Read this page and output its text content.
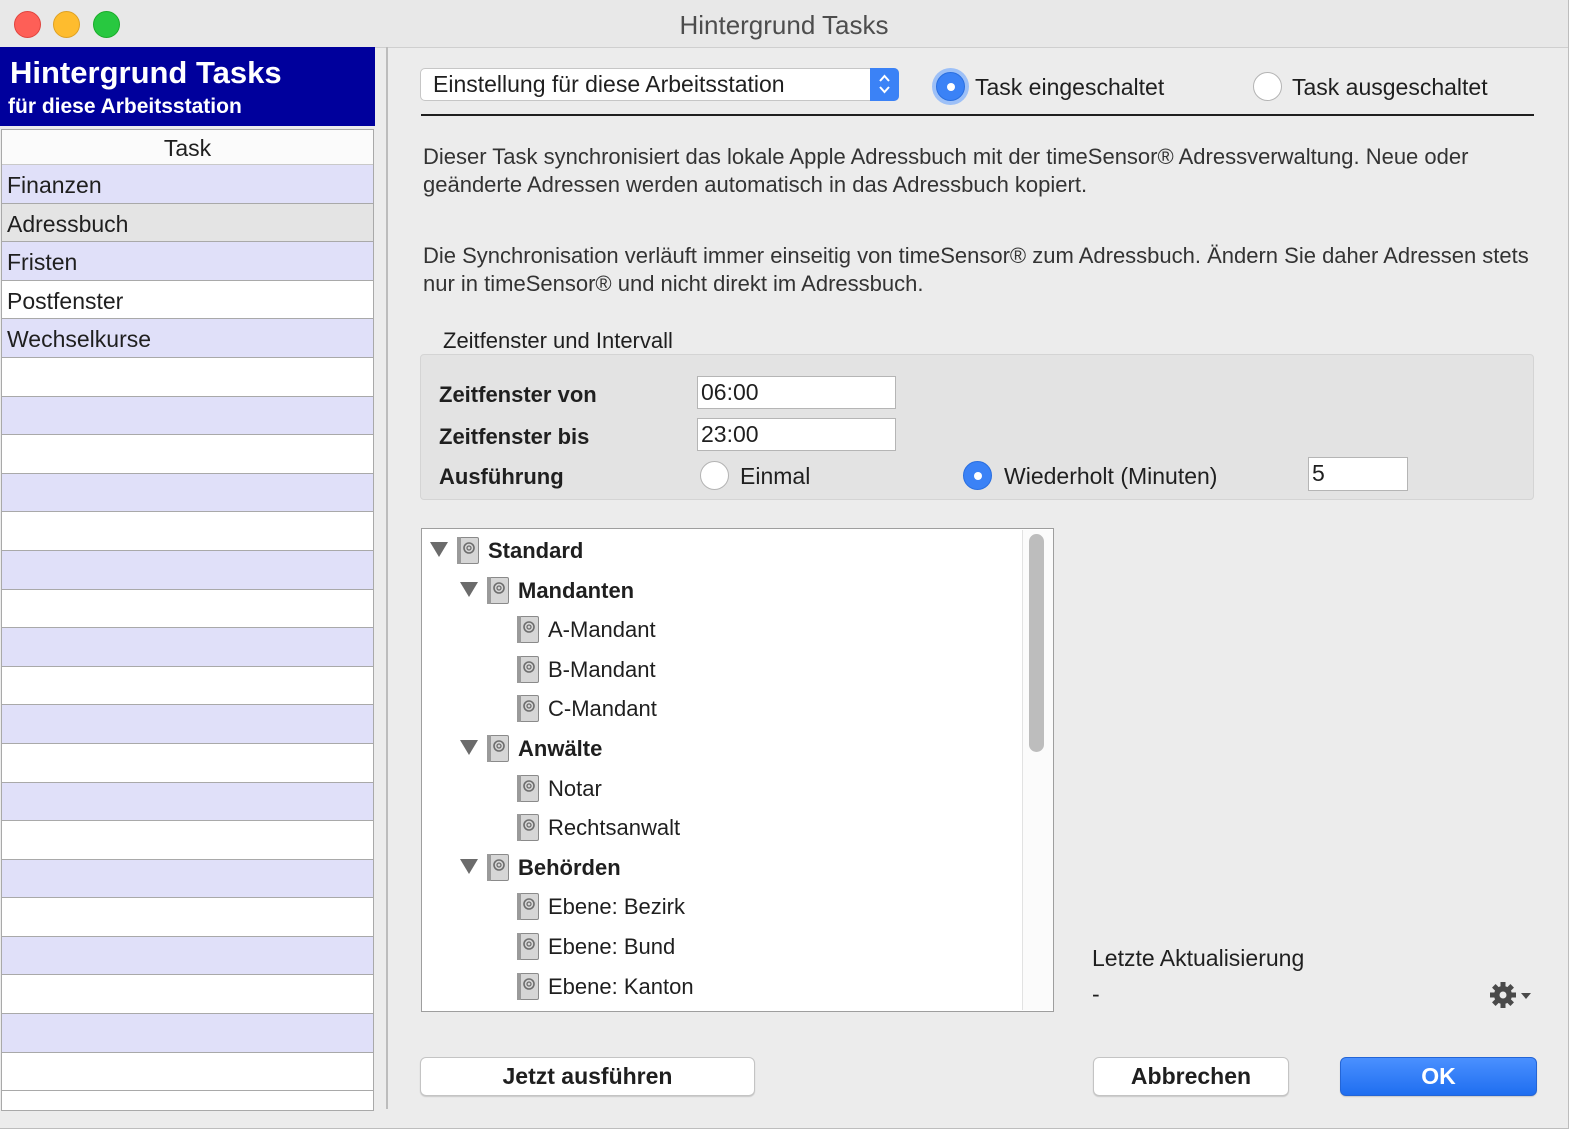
Hintergrund Tasks
Hintergrund Tasks
für diese Arbeitsstation
Task
Finanzen
Adressbuch
Fristen
Postfenster
Wechselkurse
Einstellung für diese Arbeitsstation	Task eingeschaltet	Task ausgeschaltet
Dieser Task synchronisiert das lokale Apple Adressbuch mit der timeSensor® Adressverwaltung. Neue oder geänderte Adressen werden automatisch in das Adressbuch kopiert.
Die Synchronisation verläuft immer einseitig von timeSensor® zum Adressbuch. Ändern Sie daher Adressen stets nur in timeSensor® und nicht direkt im Adressbuch.
Zeitfenster und Intervall
Zeitfenster von	06:00
Zeitfenster bis	23:00
Ausführung	Einmal	Wiederholt (Minuten)	5
Standard
Mandanten
A-Mandant
B-Mandant
C-Mandant
Anwälte
Notar
Rechtsanwalt
Behörden
Ebene: Bezirk
Ebene: Bund
Ebene: Kanton
Letzte Aktualisierung
-
Jetzt ausführen	Abbrechen	OK
